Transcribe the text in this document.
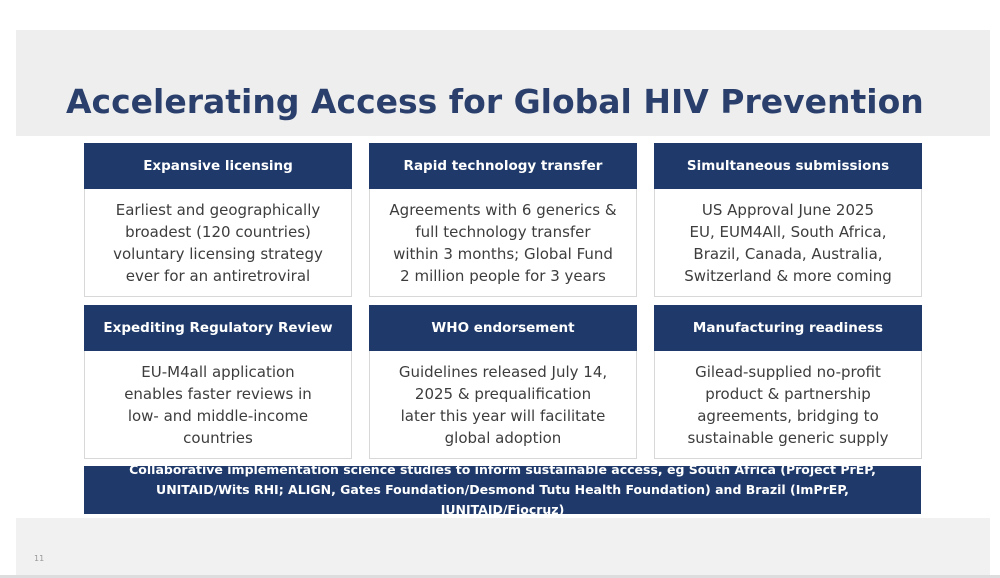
Accelerating Access for Global HIV Prevention
Expansive licensing
Earliest and geographically
broadest (120 countries)
voluntary licensing strategy
ever for an antiretroviral
Rapid technology transfer
Agreements with 6 generics &
full technology transfer
within 3 months; Global Fund
2 million people for 3 years
Simultaneous submissions
US Approval June 2025
EU, EUM4All, South Africa,
Brazil, Canada, Australia,
Switzerland & more coming
Expediting Regulatory Review
EU-M4all application
enables faster reviews in
low- and middle-income
countries
WHO endorsement
Guidelines released July 14,
2025 & prequalification
later this year will facilitate
global adoption
Manufacturing readiness
Gilead-supplied no-profit
product & partnership
agreements, bridging to
sustainable generic supply
Collaborative implementation science studies to inform sustainable access, eg South Africa (Project PrEP, UNITAID/Wits RHI; ALIGN, Gates Foundation/Desmond Tutu Health Foundation) and Brazil (ImPrEP, IUNITAID/Fiocruz)
11
